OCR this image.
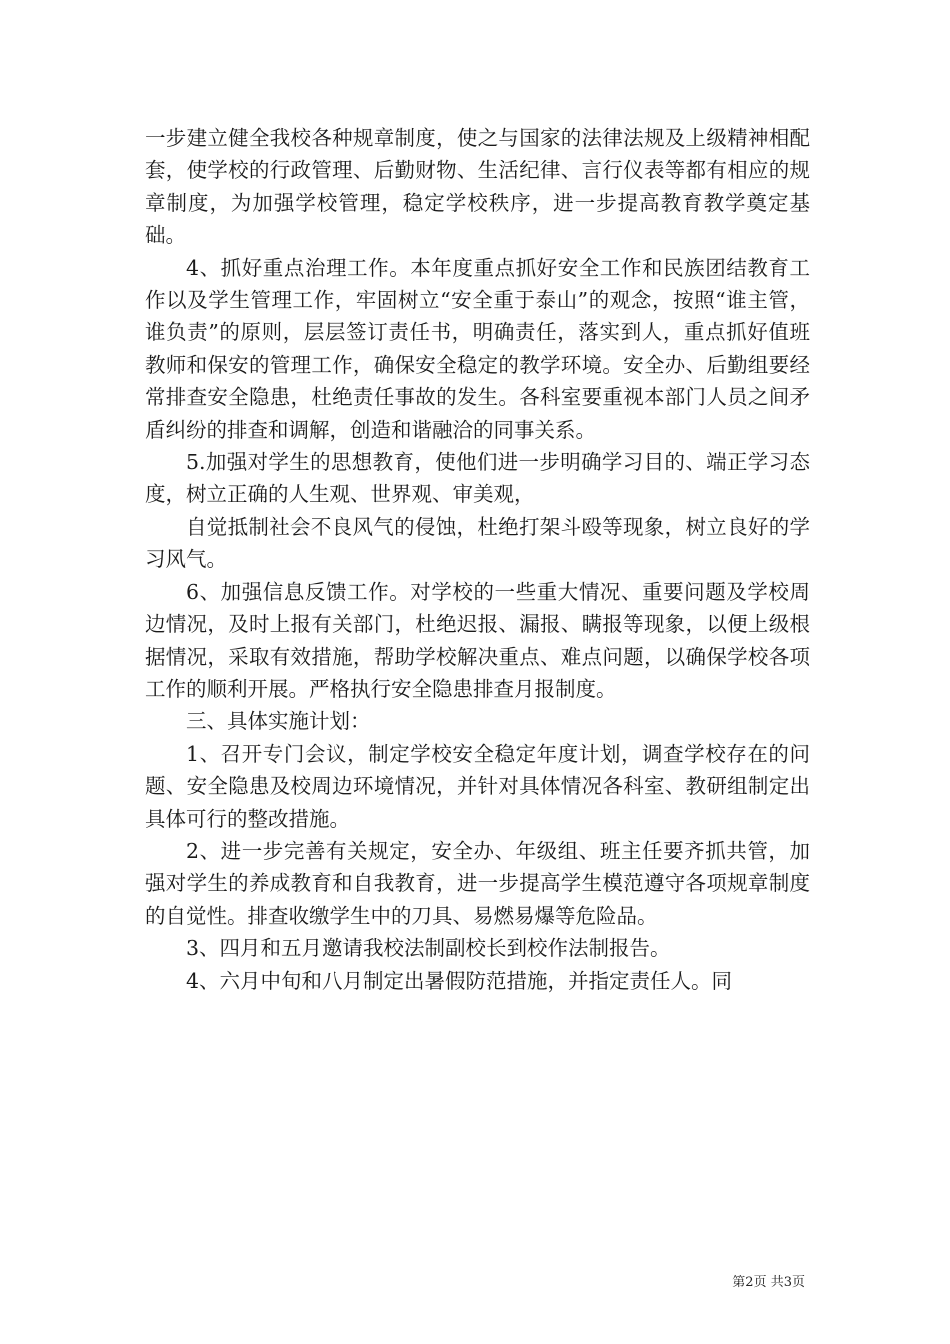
一步建立健全我校各种规章制度，使之与国家的法律法规及上级精神相配套，使学校的行政管理、后勤财物、生活纪律、言行仪表等都有相应的规章制度，为加强学校管理，稳定学校秩序，进一步提高教育教学奠定基础。

4、抓好重点治理工作。本年度重点抓好安全工作和民族团结教育工作以及学生管理工作，牢固树立“安全重于泰山”的观念，按照“谁主管，谁负责”的原则，层层签订责任书，明确责任，落实到人，重点抓好值班教师和保安的管理工作，确保安全稳定的教学环境。安全办、后勤组要经常排查安全隐患，杜绝责任事故的发生。各科室要重视本部门人员之间矛盾纠纷的排查和调解，创造和谐融洽的同事关系。

5.加强对学生的思想教育，使他们进一步明确学习目的、端正学习态度，树立正确的人生观、世界观、审美观，

自觉抵制社会不良风气的侵蚀，杜绝打架斗殴等现象，树立良好的学习风气。

6、加强信息反馈工作。对学校的一些重大情况、重要问题及学校周边情况，及时上报有关部门，杜绝迟报、漏报、瞒报等现象，以便上级根据情况，采取有效措施，帮助学校解决重点、难点问题，以确保学校各项工作的顺利开展。严格执行安全隐患排查月报制度。

三、具体实施计划：

1、召开专门会议，制定学校安全稳定年度计划，调查学校存在的问题、安全隐患及校周边环境情况，并针对具体情况各科室、教研组制定出具体可行的整改措施。

2、进一步完善有关规定，安全办、年级组、班主任要齐抓共管，加强对学生的养成教育和自我教育，进一步提高学生模范遵守各项规章制度的自觉性。排查收缴学生中的刀具、易燃易爆等危险品。

3、四月和五月邀请我校法制副校长到校作法制报告。

4、六月中旬和八月制定出暑假防范措施，并指定责任人。同

第2页 共3页
